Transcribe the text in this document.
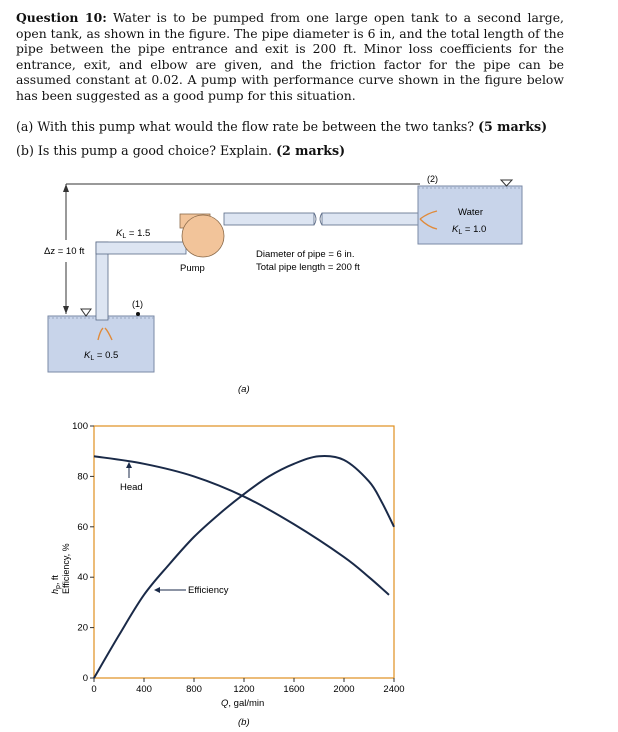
Question 10: Water is to be pumped from one large open tank to a second large, open tank, as shown in the figure. The pipe diameter is 6 in, and the total length of the pipe between the pipe entrance and exit is 200 ft. Minor loss coefficients for the entrance, exit, and elbow are given, and the friction factor for the pipe can be assumed constant at 0.02. A pump with performance curve shown in the figure below has been suggested as a good pump for this situation.
(a) With this pump what would the flow rate be between the two tanks? (5 marks)
(b) Is this pump a good choice? Explain. (2 marks)
Δz = 10 ft
$K_L = 1.5$
$K_L = 0.5$
(1)
Pump
Diameter of pipe = 6 in.
Total pipe length = 200 ft
(2)
Water
$K_L = 1.0$
(a)
0
20
40
60
80
100
0	400	800	1200	1600	2000	2400
Head
Efficiency
$h_p$, ft Efficiency, %
Q, gal/min
(b)
